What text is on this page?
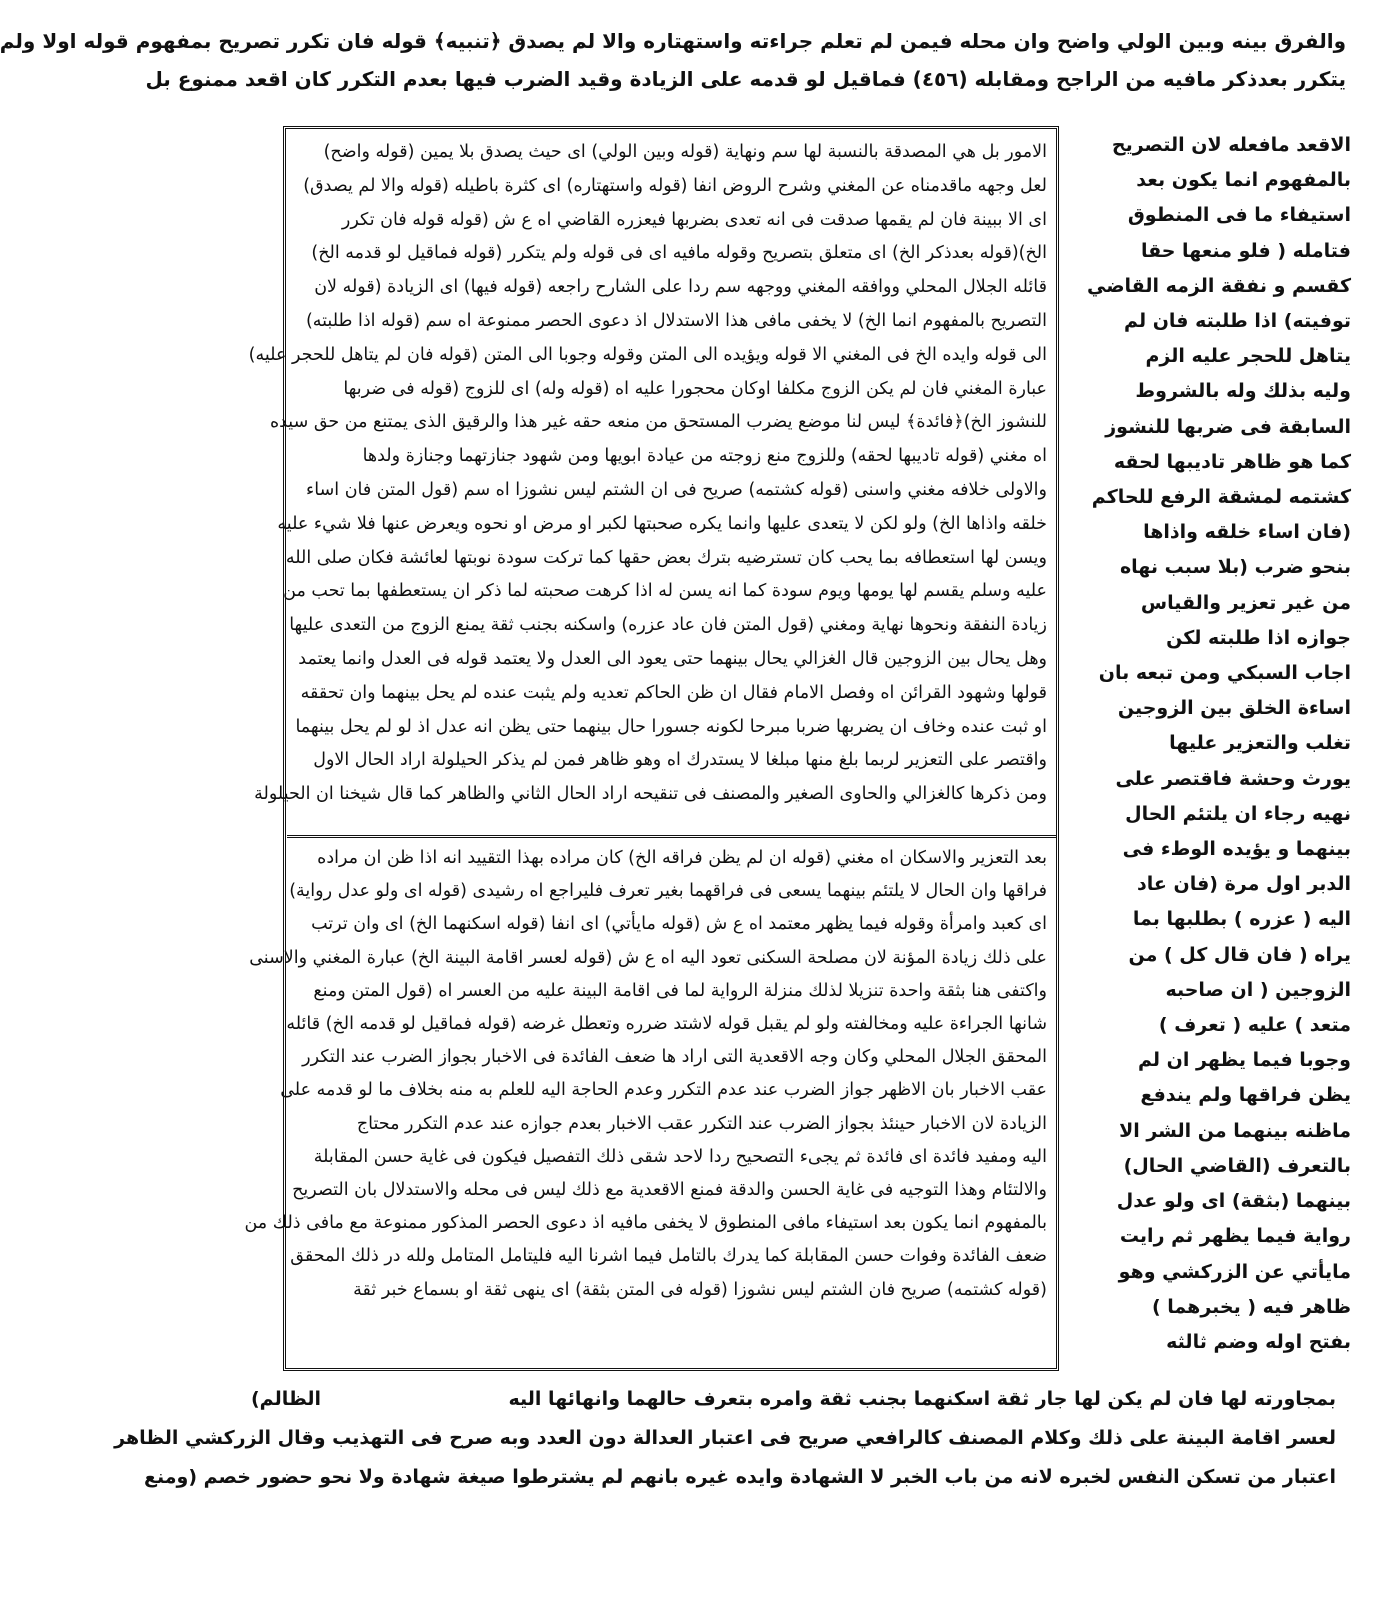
والفرق بينه وبين الولي واضح وان محله فيمن لم تعلم جراءته واستهتاره والا لم يصدق ﴿تنبيه﴾ قوله فان تكرر تصريح بمفهوم قوله اولا ولم
يتكرر بعدذكر مافيه من الراجح ومقابله (٤٥٦) فماقيل لو قدمه على الزيادة وقيد الضرب فيها بعدم التكرر كان اقعد ممنوع بل
الامور بل هي المصدقة بالنسبة لها سم ونهاية (قوله وبين الولي) اى حيث يصدق بلا يمين (قوله واضح)
لعل وجهه ماقدمناه عن المغني وشرح الروض انفا (قوله واستهتاره) اى كثرة باطيله (قوله والا لم يصدق)
اى الا ببينة فان لم يقمها صدقت فى انه تعدى بضربها فيعزره القاضي اه ع ش (قوله قوله فان تكرر
الخ)(قوله بعدذكر الخ) اى متعلق بتصريح وقوله مافيه اى فى قوله ولم يتكرر (قوله فماقيل لو قدمه الخ)
قائله الجلال المحلي ووافقه المغني ووجهه سم ردا على الشارح راجعه (قوله فيها) اى الزيادة (قوله لان
التصريح بالمفهوم انما الخ) لا يخفى مافى هذا الاستدلال اذ دعوى الحصر ممنوعة اه سم (قوله اذا طلبته)
الى قوله وايده الخ فى المغني الا قوله ويؤيده الى المتن وقوله وجوبا الى المتن (قوله فان لم يتاهل للحجر عليه)
عبارة المغني فان لم يكن الزوج مكلفا اوكان محجورا عليه اه (قوله وله) اى للزوج (قوله فى ضربها
للنشوز الخ)﴿فائدة﴾ ليس لنا موضع يضرب المستحق من منعه حقه غير هذا والرقيق الذى يمتنع من حق سيده
اه مغني (قوله تاديبها لحقه) وللزوج منع زوجته من عيادة ابويها ومن شهود جنازتهما وجنازة ولدها
والاولى خلافه مغني واسنى (قوله كشتمه) صريح فى ان الشتم ليس نشوزا اه سم (قول المتن فان اساء
خلقه واذاها الخ) ولو لكن لا يتعدى عليها وانما يكره صحبتها لكبر او مرض او نحوه ويعرض عنها فلا شيء عليه
ويسن لها استعطافه بما يحب كان تسترضيه بترك بعض حقها كما تركت سودة نوبتها لعائشة فكان صلى الله
عليه وسلم يقسم لها يومها ويوم سودة كما انه يسن له اذا كرهت صحبته لما ذكر ان يستعطفها بما تحب من
زيادة النفقة ونحوها نهاية ومغني (قول المتن فان عاد عزره) واسكنه بجنب ثقة يمنع الزوج من التعدى عليها
وهل يحال بين الزوجين قال الغزالي يحال بينهما حتى يعود الى العدل ولا يعتمد قوله فى العدل وانما يعتمد
قولها وشهود القرائن اه وفصل الامام فقال ان ظن الحاكم تعديه ولم يثبت عنده لم يحل بينهما وان تحققه
او ثبت عنده وخاف ان يضربها ضربا مبرحا لكونه جسورا حال بينهما حتى يظن انه عدل اذ لو لم يحل بينهما
واقتصر على التعزير لربما بلغ منها مبلغا لا يستدرك اه وهو ظاهر فمن لم يذكر الحيلولة اراد الحال الاول
ومن ذكرها كالغزالي والحاوى الصغير والمصنف فى تنقيحه اراد الحال الثاني والظاهر كما قال شيخنا ان الحيلولة
بعد التعزير والاسكان اه مغني (قوله ان لم يظن فراقه الخ) كان مراده بهذا التقييد انه اذا ظن ان مراده
فراقها وان الحال لا يلتئم بينهما يسعى فى فراقهما بغير تعرف فليراجع اه رشيدى (قوله اى ولو عدل رواية)
اى كعبد وامرأة وقوله فيما يظهر معتمد اه ع ش (قوله مايأتي) اى انفا (قوله اسكنهما الخ) اى وان ترتب
على ذلك زيادة المؤنة لان مصلحة السكنى تعود اليه اه ع ش (قوله لعسر اقامة البينة الخ) عبارة المغني والاسنى
واكتفى هنا بثقة واحدة تنزيلا لذلك منزلة الرواية لما فى اقامة البينة عليه من العسر اه (قول المتن ومنع
شانها الجراءة عليه ومخالفته ولو لم يقبل قوله لاشتد ضرره وتعطل غرضه (قوله فماقيل لو قدمه الخ) قائله
المحقق الجلال المحلي وكان وجه الاقعدية التى اراد ها ضعف الفائدة فى الاخبار بجواز الضرب عند التكرر
عقب الاخبار بان الاظهر جواز الضرب عند عدم التكرر وعدم الحاجة اليه للعلم به منه بخلاف ما لو قدمه على
الزيادة لان الاخبار حينئذ بجواز الضرب عند التكرر عقب الاخبار بعدم جوازه عند عدم التكرر محتاج
اليه ومفيد فائدة اى فائدة ثم يجىء التصحيح ردا لاحد شقى ذلك التفصيل فيكون فى غاية حسن المقابلة
والالتئام وهذا التوجيه فى غاية الحسن والدقة فمنع الاقعدية مع ذلك ليس فى محله والاستدلال بان التصريح
بالمفهوم انما يكون بعد استيفاء مافى المنطوق لا يخفى مافيه اذ دعوى الحصر المذكور ممنوعة مع مافى ذلك من
ضعف الفائدة وفوات حسن المقابلة كما يدرك بالتامل فيما اشرنا اليه فليتامل المتامل ولله در ذلك المحقق
(قوله كشتمه) صريح فان الشتم ليس نشوزا (قوله فى المتن بثقة) اى ينهى ثقة او بسماع خبر ثقة
الاقعد مافعله لان التصريح
بالمفهوم انما يكون بعد
استيفاء ما فى المنطوق
فتامله ( فلو منعها حقا
كقسم و نفقة الزمه القاضي
توفيته) اذا طلبته فان لم
يتاهل للحجر عليه الزم
وليه بذلك وله بالشروط
السابقة فى ضربها للنشوز
كما هو ظاهر تاديبها لحقه
كشتمه لمشقة الرفع للحاكم
(فان اساء خلقه واذاها
بنحو ضرب (بلا سبب نهاه
من غير تعزير والقياس
جوازه اذا طلبته لكن
اجاب السبكي ومن تبعه بان
اساءة الخلق بين الزوجين
تغلب والتعزير عليها
يورث وحشة فاقتصر على
نهيه رجاء ان يلتئم الحال
بينهما و يؤيده الوطء فى
الدبر اول مرة (فان عاد
اليه ( عزره ) بطلبها بما
يراه ( فان قال كل ) من
الزوجين ( ان صاحبه
متعد ) عليه ( تعرف )
وجوبا فيما يظهر ان لم
يظن فراقها ولم يندفع
ماظنه بينهما من الشر الا
بالتعرف (القاضي الحال)
بينهما (بثقة) اى ولو عدل
رواية فيما يظهر ثم رايت
مايأتي عن الزركشي وهو
ظاهر فيه ( يخبرهما )
بفتح اوله وضم ثالثه
بمجاورته لها فان لم يكن لها جار ثقة اسكنهما بجنب ثقة وامره بتعرف حالهما وانهائها اليه
الظالم)
لعسر اقامة البينة على ذلك وكلام المصنف كالرافعي صريح فى اعتبار العدالة دون العدد وبه صرح فى التهذيب وقال الزركشي الظاهر
اعتبار من تسكن النفس لخبره لانه من باب الخبر لا الشهادة وايده غيره بانهم لم يشترطوا صيغة شهادة ولا نحو حضور خصم (ومنع
